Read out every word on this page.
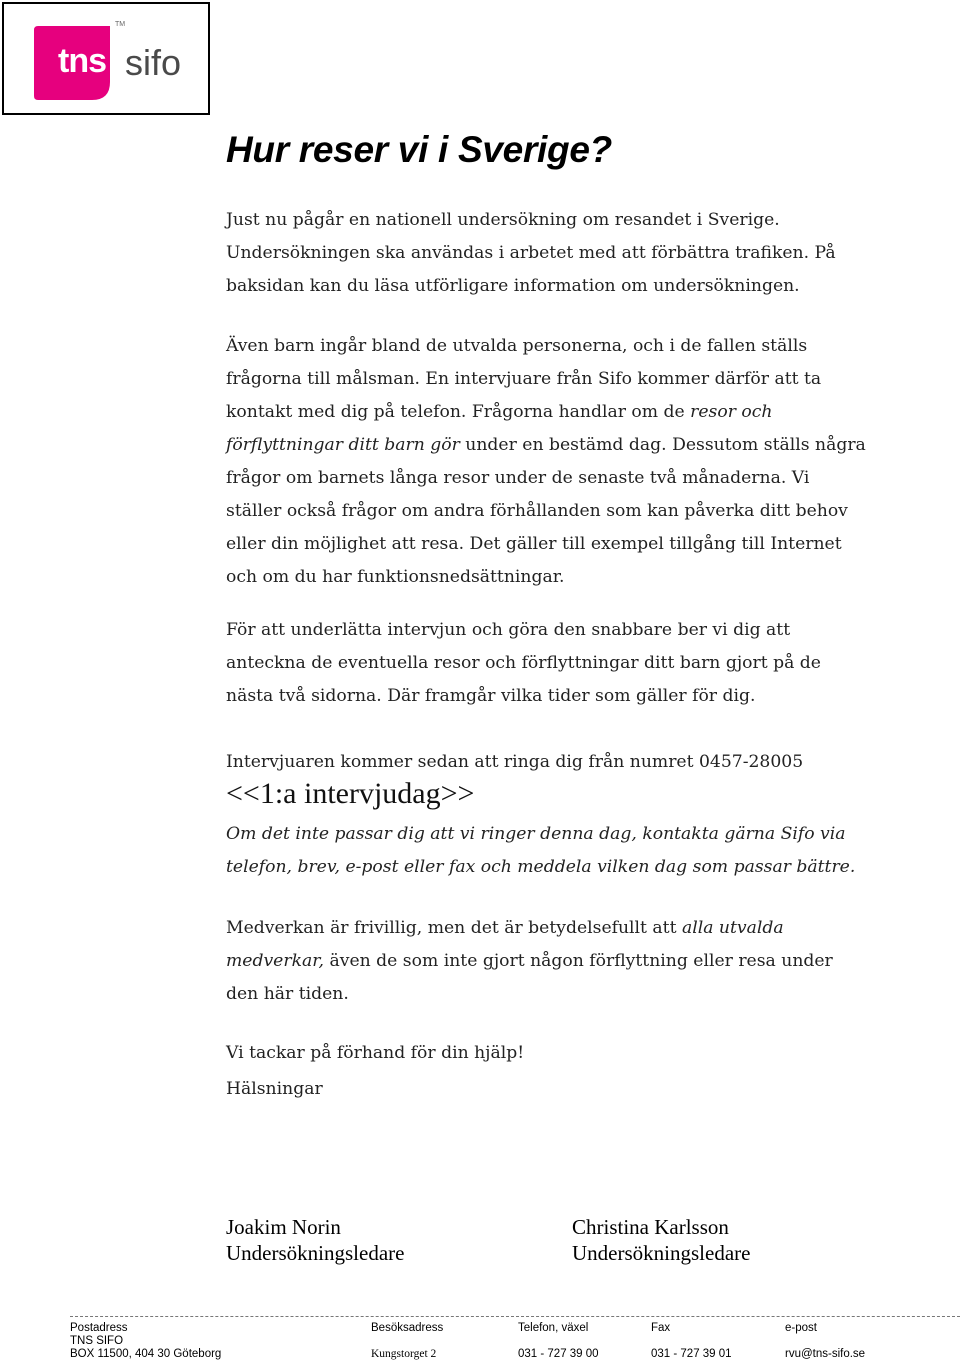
TM
tns sifo
Hur reser vi i Sverige?

Just nu pågår en nationell undersökning om resandet i Sverige. Undersökningen ska användas i arbetet med att förbättra trafiken. På baksidan kan du läsa utförligare information om undersökningen.

Även barn ingår bland de utvalda personerna, och i de fallen ställs frågorna till målsman. En intervjuare från Sifo kommer därför att ta kontakt med dig på telefon. Frågorna handlar om de resor och förflyttningar ditt barn gör under en bestämd dag. Dessutom ställs några frågor om barnets långa resor under de senaste två månaderna. Vi ställer också frågor om andra förhållanden som kan påverka ditt behov eller din möjlighet att resa. Det gäller till exempel tillgång till Internet och om du har funktionsnedsättningar.

För att underlätta intervjun och göra den snabbare ber vi dig att anteckna de eventuella resor och förflyttningar ditt barn gjort på de nästa två sidorna. Där framgår vilka tider som gäller för dig.

Intervjuaren kommer sedan att ringa dig från numret 0457-28005

<<1:a intervjudag>>

Om det inte passar dig att vi ringer denna dag, kontakta gärna Sifo via telefon, brev, e-post eller fax och meddela vilken dag som passar bättre.

Medverkan är frivillig, men det är betydelsefullt att alla utvalda medverkar, även de som inte gjort någon förflyttning eller resa under den här tiden.

Vi tackar på förhand för din hjälp!

Hälsningar

Joakim Norin
Undersökningsledare
Christina Karlsson
Undersökningsledare
Postadress
TNS SIFO
BOX 11500, 404 30 Göteborg
Besöksadress
Kungstorget 2
Telefon, växel
031 - 727 39 00
Fax
031 - 727 39 01
e-post
rvu@tns-sifo.se
